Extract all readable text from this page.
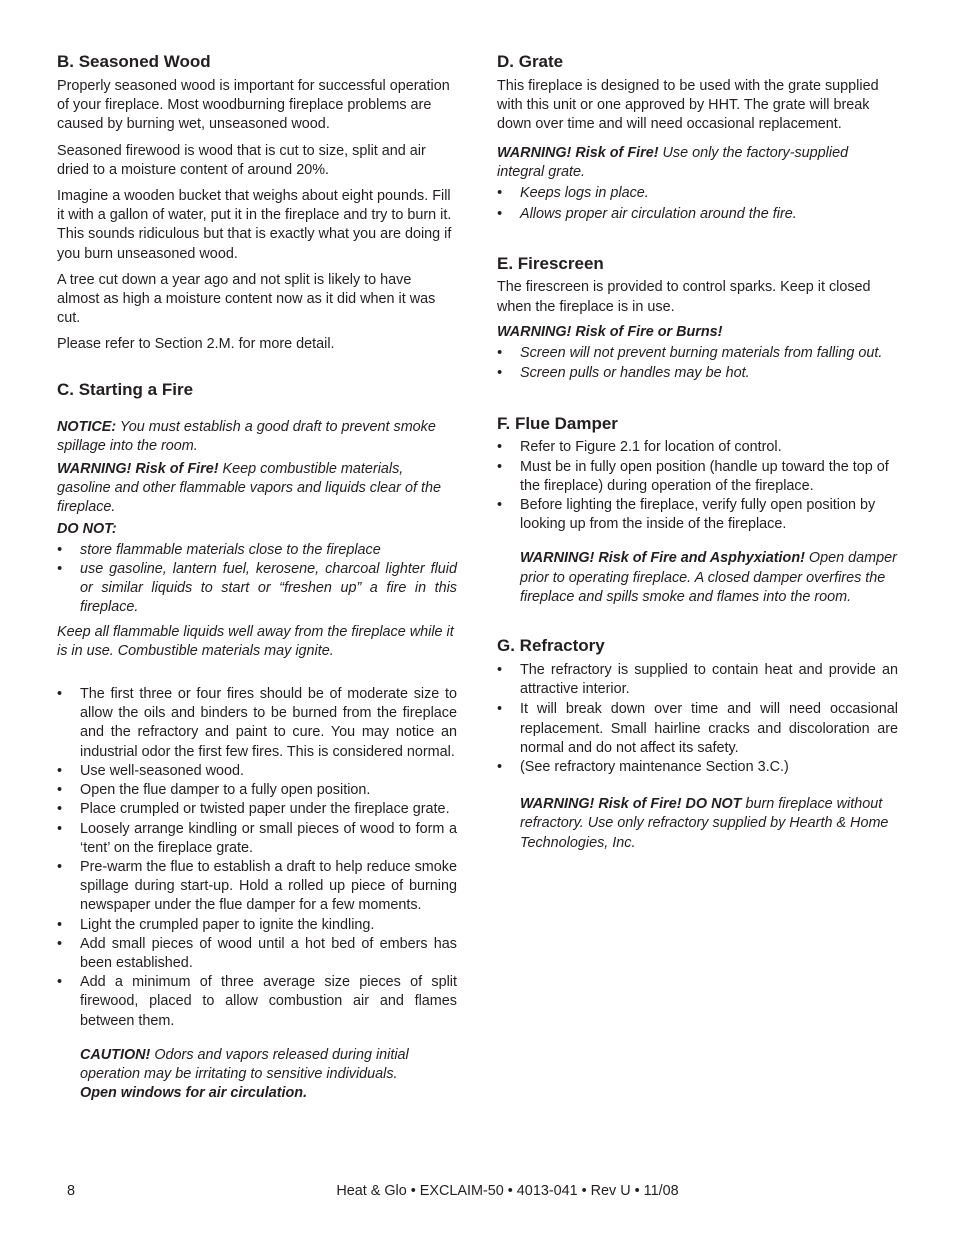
B. Seasoned Wood

Properly seasoned wood is important for successful operation of your fireplace. Most woodburning fireplace problems are caused by burning wet, unseasoned wood.

Seasoned firewood is wood that is cut to size, split and air dried to a moisture content of around 20%.

Imagine a wooden bucket that weighs about eight pounds. Fill it with a gallon of water, put it in the fireplace and try to burn it. This sounds ridiculous but that is exactly what you are doing if you burn unseasoned wood.

A tree cut down a year ago and not split is likely to have almost as high a moisture content now as it did when it was cut.

Please refer to Section 2.M. for more detail.

C. Starting a Fire

NOTICE: You must establish a good draft to prevent smoke spillage into the room.

WARNING! Risk of Fire! Keep combustible materials, gasoline and other flammable vapors and liquids clear of the fireplace.

DO NOT:

• store flammable materials close to the fireplace
• use gasoline, lantern fuel, kerosene, charcoal lighter fluid or similar liquids to start or “freshen up” a fire in this fireplace.

Keep all flammable liquids well away from the fireplace while it is in use. Combustible materials may ignite.

• The first three or four fires should be of moderate size to allow the oils and binders to be burned from the fireplace and the refractory and paint to cure. You may notice an industrial odor the first few fires. This is considered normal.
• Use well-seasoned wood.
• Open the flue damper to a fully open position.
• Place crumpled or twisted paper under the fireplace grate.
• Loosely arrange kindling or small pieces of wood to form a ‘tent’ on the fireplace grate.
• Pre-warm the flue to establish a draft to help reduce smoke spillage during start-up. Hold a rolled up piece of burning newspaper under the flue damper for a few moments.
• Light the crumpled paper to ignite the kindling.
• Add small pieces of wood until a hot bed of embers has been established.
• Add a minimum of three average size pieces of split firewood, placed to allow combustion air and flames between them.

CAUTION! Odors and vapors released during initial operation may be irritating to sensitive individuals.
Open windows for air circulation.

D. Grate

This fireplace is designed to be used with the grate supplied with this unit or one approved by HHT. The grate will break down over time and will need occasional replacement.

WARNING! Risk of Fire! Use only the factory-supplied integral grate.

• Keeps logs in place.
• Allows proper air circulation around the fire.
E. Firescreen

The firescreen is provided to control sparks. Keep it closed when the fireplace is in use.

WARNING! Risk of Fire or Burns!

• Screen will not prevent burning materials from falling out.
• Screen pulls or handles may be hot.
F. Flue Damper
• Refer to Figure 2.1 for location of control.
• Must be in fully open position (handle up toward the top of the fireplace) during operation of the fireplace.
• Before lighting the fireplace, verify fully open position by looking up from the inside of the fireplace.

WARNING! Risk of Fire and Asphyxiation! Open damper prior to operating fireplace. A closed damper overfires the fireplace and spills smoke and flames into the room.

G. Refractory
• The refractory is supplied to contain heat and provide an attractive interior.
• It will break down over time and will need occasional replacement. Small hairline cracks and discoloration are normal and do not affect its safety.
• (See refractory maintenance Section 3.C.)

WARNING! Risk of Fire! DO NOT burn fireplace without refractory. Use only refractory supplied by Hearth & Home Technologies, Inc.

8	Heat & Glo • EXCLAIM-50 • 4013-041 • Rev U • 11/08
